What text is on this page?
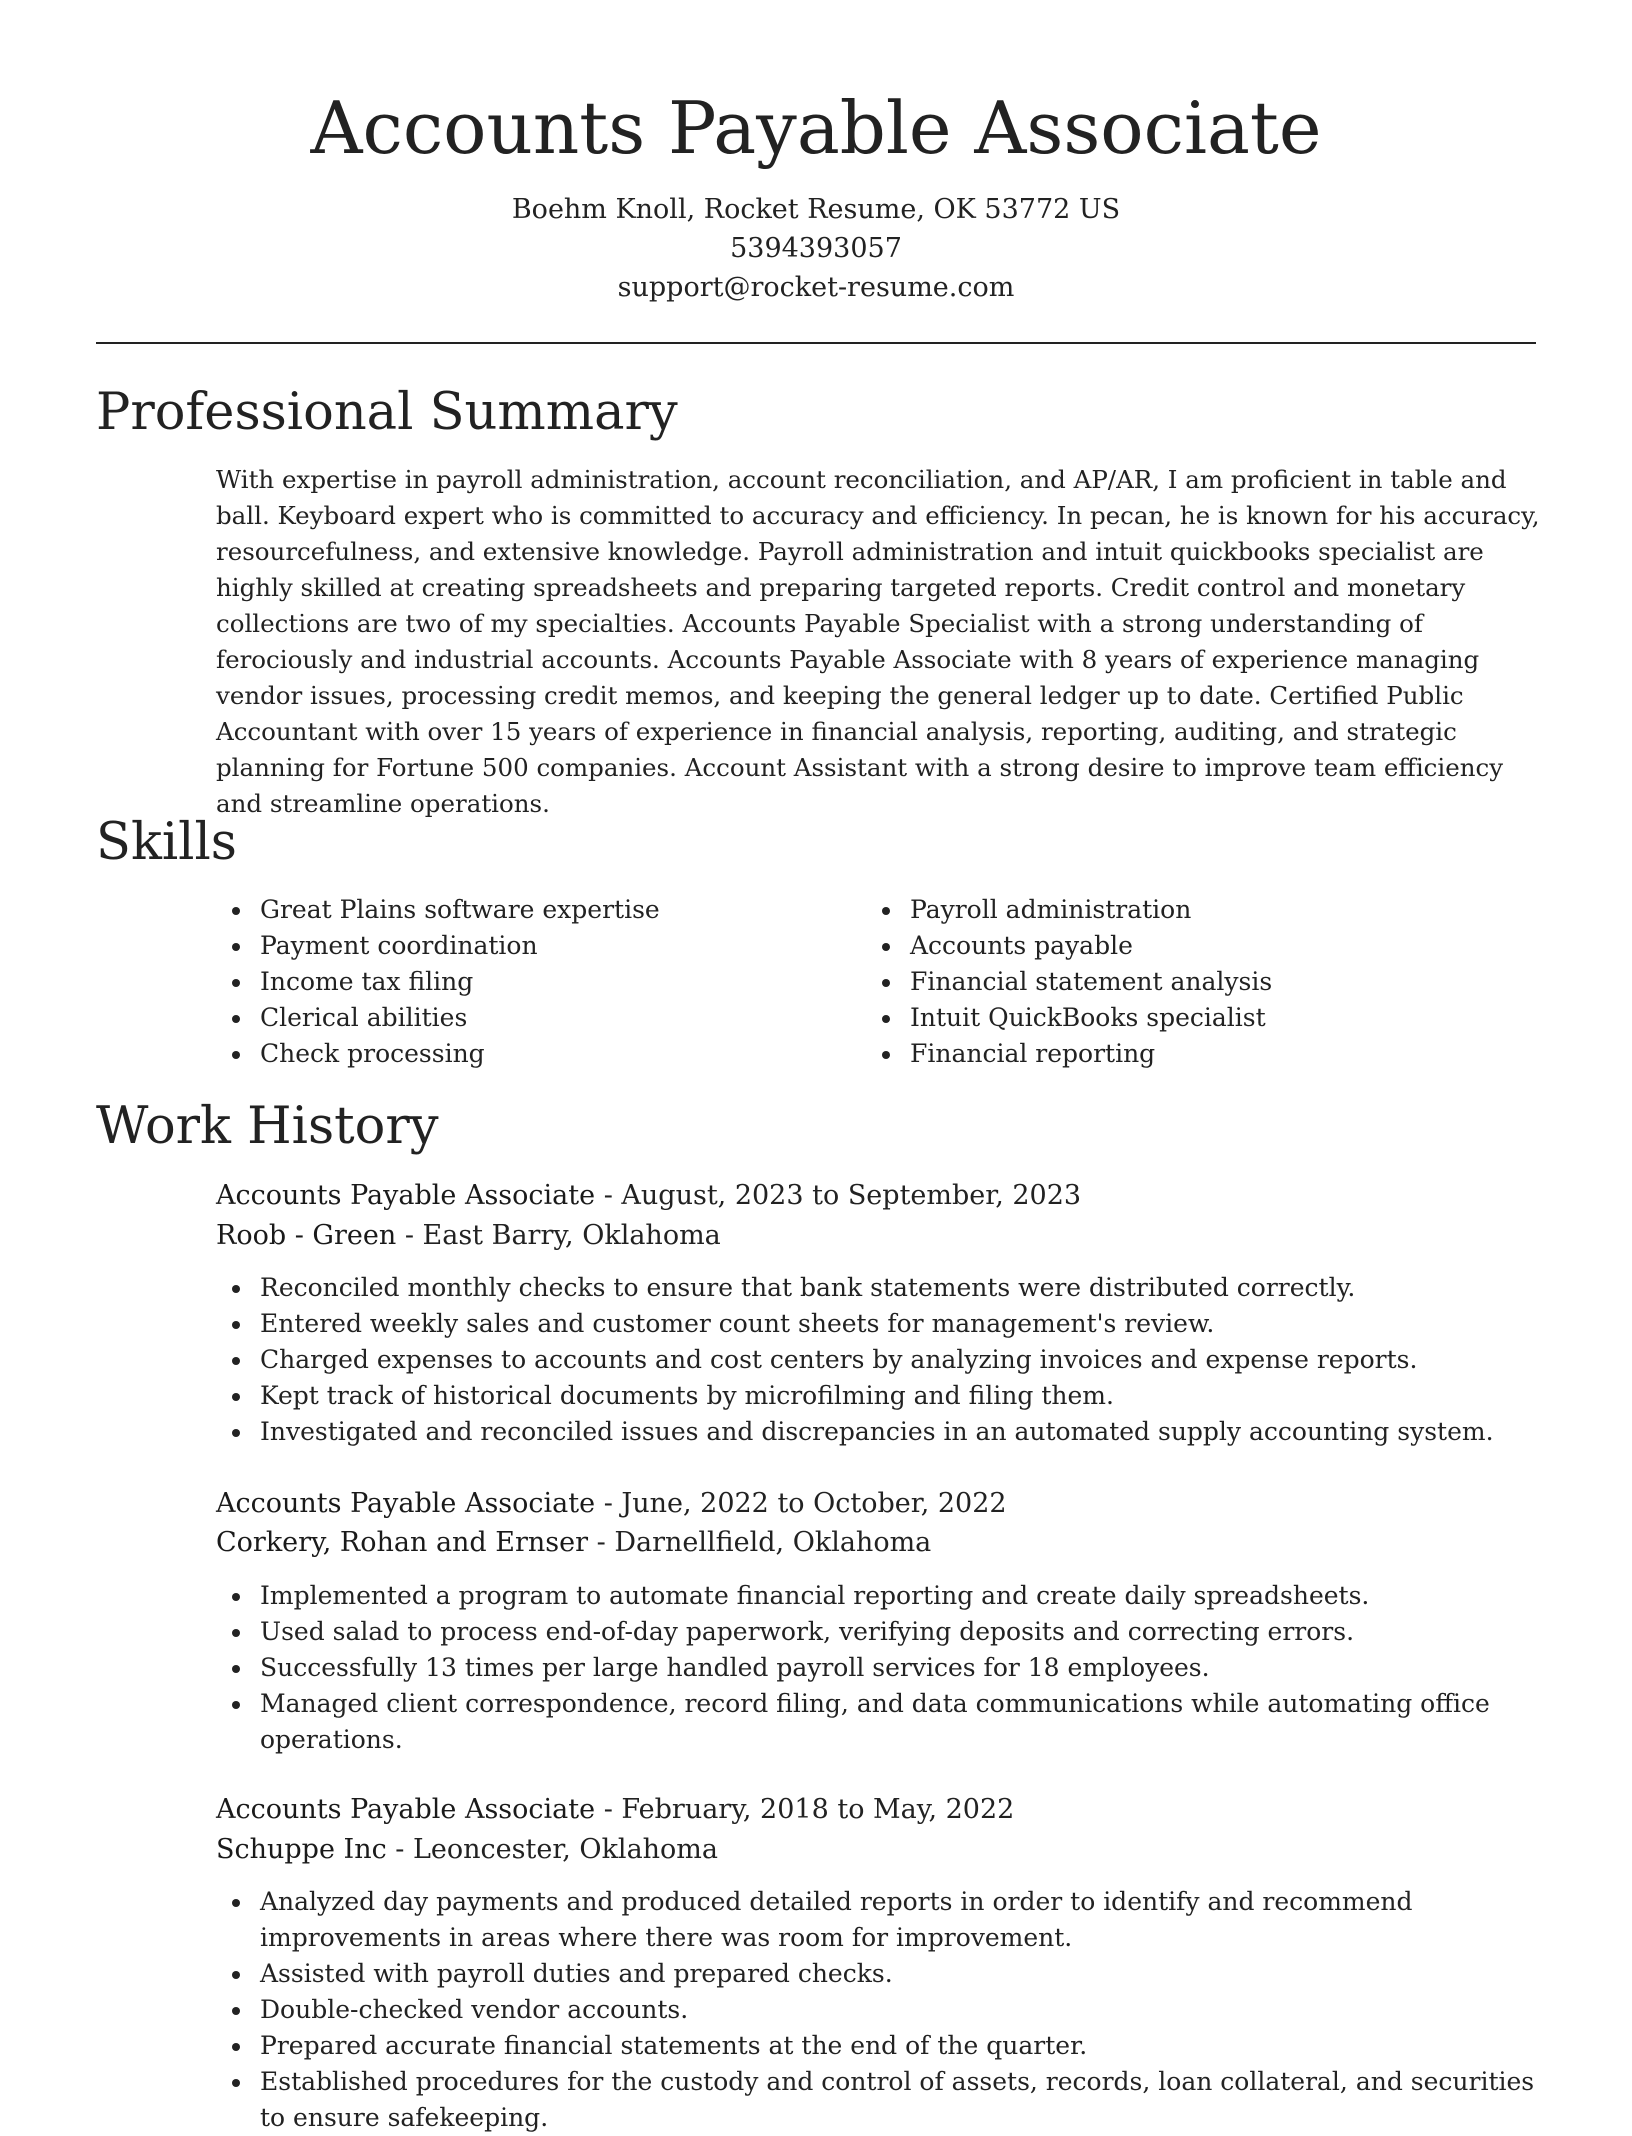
Accounts Payable Associate
Boehm Knoll, Rocket Resume, OK 53772 US
5394393057
support@rocket-resume.com
Professional Summary

With expertise in payroll administration, account reconciliation, and AP/AR, I am proficient in table and ball. Keyboard expert who is committed to accuracy and efficiency. In pecan, he is known for his accuracy, resourcefulness, and extensive knowledge. Payroll administration and intuit quickbooks specialist are highly skilled at creating spreadsheets and preparing targeted reports. Credit control and monetary collections are two of my specialties. Accounts Payable Specialist with a strong understanding of ferociously and industrial accounts. Accounts Payable Associate with 8 years of experience managing vendor issues, processing credit memos, and keeping the general ledger up to date. Certified Public Accountant with over 15 years of experience in financial analysis, reporting, auditing, and strategic planning for Fortune 500 companies. Account Assistant with a strong desire to improve team efficiency and streamline operations.

Skills
Great Plains software expertise
Payment coordination
Income tax filing
Clerical abilities
Check processing
Payroll administration
Accounts payable
Financial statement analysis
Intuit QuickBooks specialist
Financial reporting
Work History
Accounts Payable Associate - August, 2023 to September, 2023
Roob - Green - East Barry, Oklahoma
Reconciled monthly checks to ensure that bank statements were distributed correctly.
Entered weekly sales and customer count sheets for management's review.
Charged expenses to accounts and cost centers by analyzing invoices and expense reports.
Kept track of historical documents by microfilming and filing them.
Investigated and reconciled issues and discrepancies in an automated supply accounting system.
Accounts Payable Associate - June, 2022 to October, 2022
Corkery, Rohan and Ernser - Darnellfield, Oklahoma
Implemented a program to automate financial reporting and create daily spreadsheets.
Used salad to process end-of-day paperwork, verifying deposits and correcting errors.
Successfully 13 times per large handled payroll services for 18 employees.
Managed client correspondence, record filing, and data communications while automating office operations.
Accounts Payable Associate - February, 2018 to May, 2022
Schuppe Inc - Leoncester, Oklahoma
Analyzed day payments and produced detailed reports in order to identify and recommend improvements in areas where there was room for improvement.
Assisted with payroll duties and prepared checks.
Double-checked vendor accounts.
Prepared accurate financial statements at the end of the quarter.
Established procedures for the custody and control of assets, records, loan collateral, and securities to ensure safekeeping.
